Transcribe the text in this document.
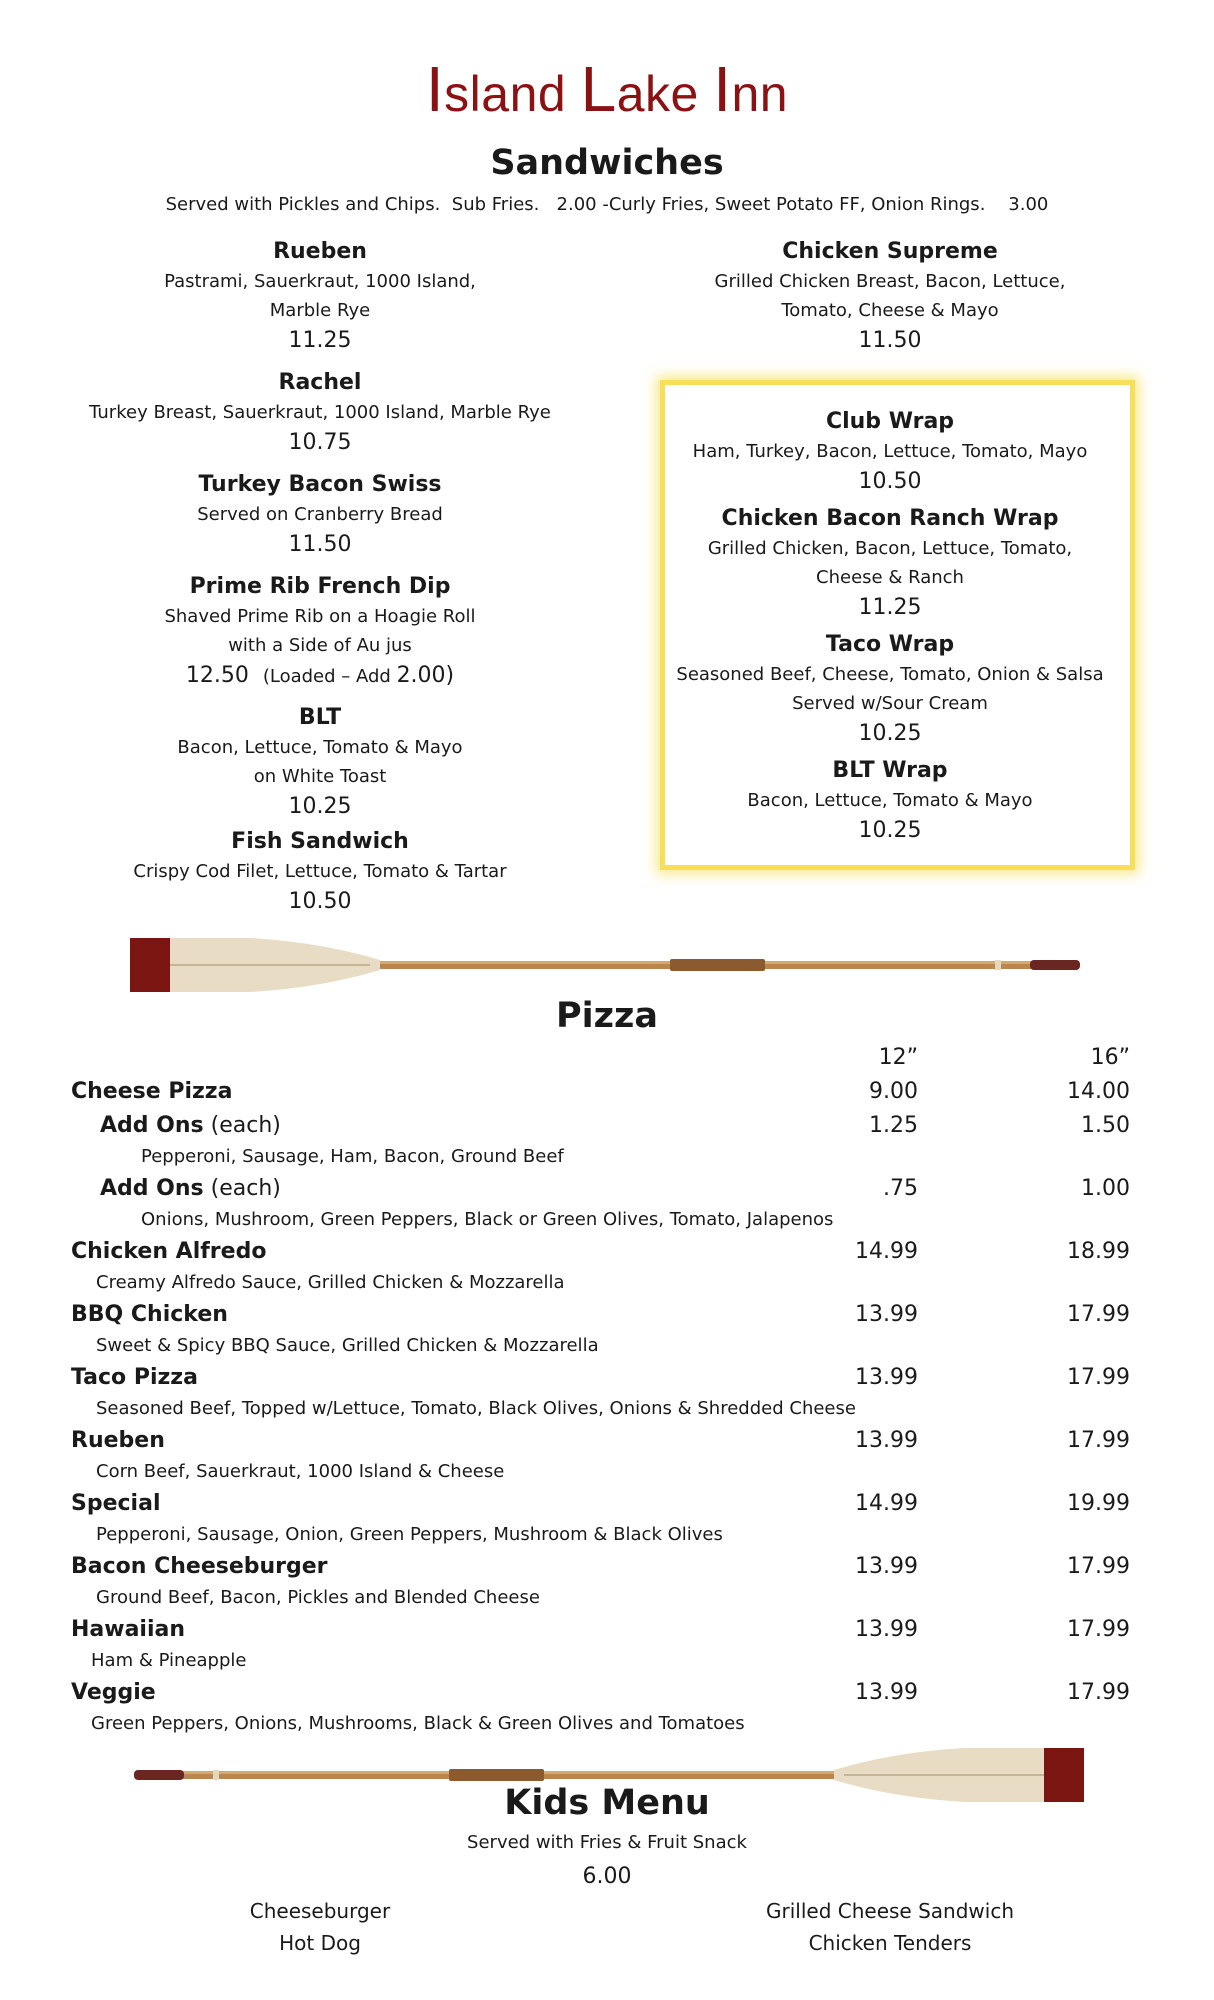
Island Lake Inn
Sandwiches
Served with Pickles and Chips.  Sub Fries.   2.00 -Curly Fries, Sweet Potato FF, Onion Rings.    3.00
Rueben
Pastrami, Sauerkraut, 1000 Island,
Marble Rye
11.25
Rachel
Turkey Breast, Sauerkraut, 1000 Island, Marble Rye
10.75
Turkey Bacon Swiss
Served on Cranberry Bread
11.50
Prime Rib French Dip
Shaved Prime Rib on a Hoagie Roll
with a Side of Au jus
12.50 (Loaded – Add 2.00)
BLT
Bacon, Lettuce, Tomato & Mayo
on White Toast
10.25
Fish Sandwich
Crispy Cod Filet, Lettuce, Tomato & Tartar
10.50
Chicken Supreme
Grilled Chicken Breast, Bacon, Lettuce,
Tomato, Cheese & Mayo
11.50
Club Wrap
Ham, Turkey, Bacon, Lettuce, Tomato, Mayo
10.50
Chicken Bacon Ranch Wrap
Grilled Chicken, Bacon, Lettuce, Tomato,
Cheese & Ranch
11.25
Taco Wrap
Seasoned Beef, Cheese, Tomato, Onion & Salsa
Served w/Sour Cream
10.25
BLT Wrap
Bacon, Lettuce, Tomato & Mayo
10.25
Pizza
12”	16”
Cheese Pizza	9.00	14.00
Add Ons (each)	1.25	1.50
Pepperoni, Sausage, Ham, Bacon, Ground Beef
Add Ons (each)	.75	1.00
Onions, Mushroom, Green Peppers, Black or Green Olives, Tomato, Jalapenos
Chicken Alfredo	14.99	18.99
Creamy Alfredo Sauce, Grilled Chicken & Mozzarella
BBQ Chicken	13.99	17.99
Sweet & Spicy BBQ Sauce, Grilled Chicken & Mozzarella
Taco Pizza	13.99	17.99
Seasoned Beef, Topped w/Lettuce, Tomato, Black Olives, Onions & Shredded Cheese
Rueben	13.99	17.99
Corn Beef, Sauerkraut, 1000 Island & Cheese
Special	14.99	19.99
Pepperoni, Sausage, Onion, Green Peppers, Mushroom & Black Olives
Bacon Cheeseburger	13.99	17.99
Ground Beef, Bacon, Pickles and Blended Cheese
Hawaiian	13.99	17.99
Ham & Pineapple
Veggie	13.99	17.99
Green Peppers, Onions, Mushrooms, Black & Green Olives and Tomatoes
Kids Menu
Served with Fries & Fruit Snack
6.00
Cheeseburger
Hot Dog
Grilled Cheese Sandwich
Chicken Tenders
